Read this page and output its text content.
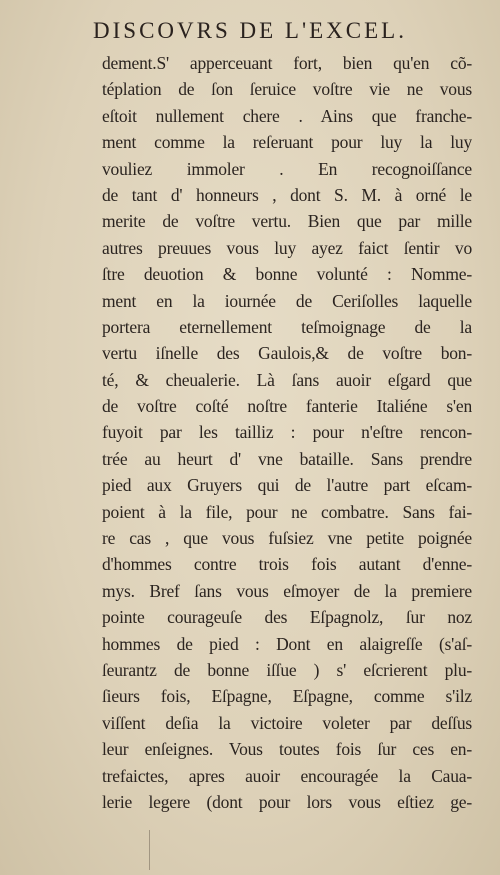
DISCOVRS DE L'EXCEL.
dement.S' apperceuant fort, bien qu'en cõ-
téplation de ſon ſeruice voſtre vie ne vous
eſtoit nullement chere . Ains que franche-
ment comme la reſeruant pour luy la luy
vouliez immoler . En recognoiſſance
de tant d' honneurs , dont S. M. à orné le
merite de voſtre vertu. Bien que par mille
autres preuues vous luy ayez faict ſentir vo
ſtre deuotion & bonne volunté : Nomme-
ment en la iournée de Ceriſolles laquelle
portera eternellement teſmoignage de la
vertu iſnelle des Gaulois,& de voſtre bon-
té, & cheualerie. Là ſans auoir eſgard que
de voſtre coſté noſtre fanterie Italiéne s'en
fuyoit par les tailliz : pour n'eſtre rencon-
trée au heurt d' vne bataille. Sans prendre
pied aux Gruyers qui de l'autre part eſcam-
poient à la file, pour ne combatre. Sans fai-
re cas , que vous fuſsiez vne petite poignée
d'hommes contre trois fois autant d'enne-
mys. Bref ſans vous eſmoyer de la premiere
pointe courageuſe des Eſpagnolz, ſur noz
hommes de pied : Dont en alaigreſſe (s'aſ-
ſeurantz de bonne iſſue ) s' eſcrierent plu-
ſieurs fois, Eſpagne, Eſpagne, comme s'ilz
viſſent deſia la victoire voleter par deſſus
leur enſeignes. Vous toutes fois ſur ces en-
trefaictes, apres auoir encouragée la Caua-
lerie legere (dont pour lors vous eſtiez ge-
